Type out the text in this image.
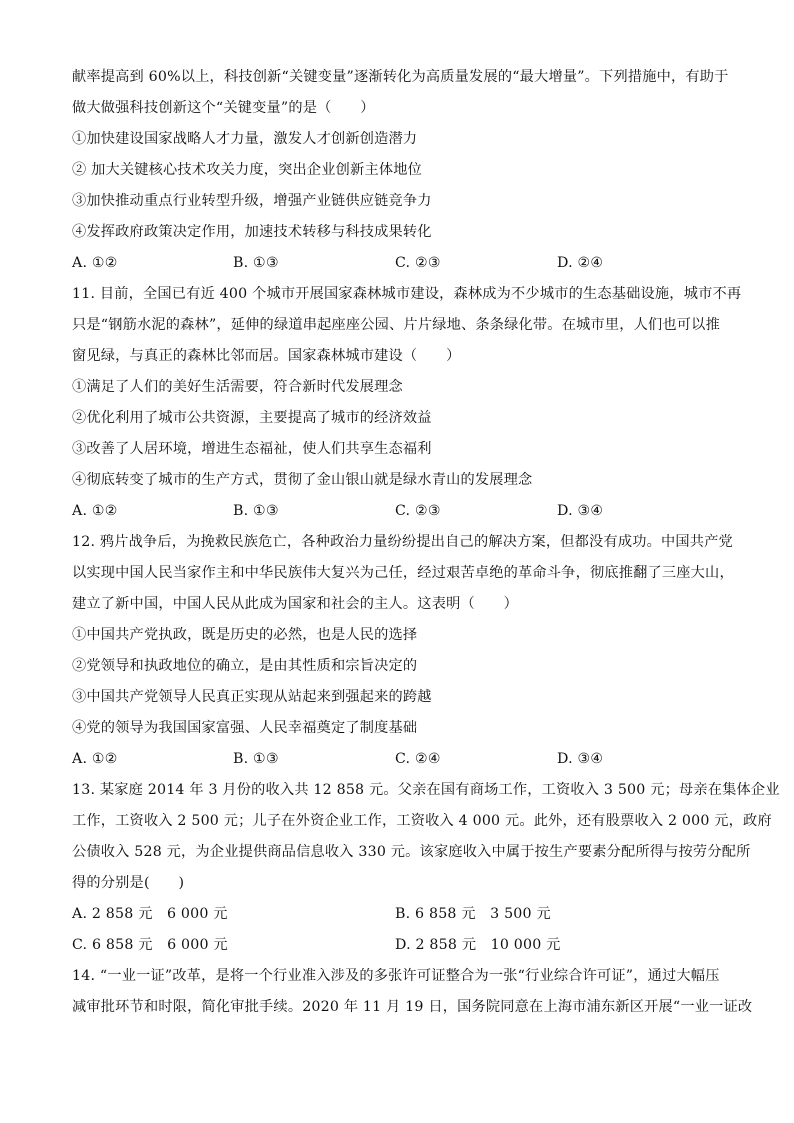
献率提高到 60%以上，科技创新“关键变量”逐渐转化为高质量发展的“最大增量”。下列措施中，有助于
做大做强科技创新这个“关键变量”的是（　　）
①加快建设国家战略人才力量，激发人才创新创造潜力
② 加大关键核心技术攻关力度，突出企业创新主体地位
③加快推动重点行业转型升级，增强产业链供应链竞争力
④发挥政府政策决定作用，加速技术转移与科技成果转化
A. ①②	B. ①③	C. ②③	D. ②④
11. 目前，全国已有近 400 个城市开展国家森林城市建设，森林成为不少城市的生态基础设施，城市不再
只是“钢筋水泥的森林”，延伸的绿道串起座座公园、片片绿地、条条绿化带。在城市里，人们也可以推
窗见绿，与真正的森林比邻而居。国家森林城市建设（　　）
①满足了人们的美好生活需要，符合新时代发展理念
②优化利用了城市公共资源，主要提高了城市的经济效益
③改善了人居环境，增进生态福祉，使人们共享生态福利
④彻底转变了城市的生产方式，贯彻了金山银山就是绿水青山的发展理念
A. ①②	B. ①③	C. ②③	D. ③④
12. 鸦片战争后，为挽救民族危亡，各种政治力量纷纷提出自己的解决方案，但都没有成功。中国共产党
以实现中国人民当家作主和中华民族伟大复兴为己任，经过艰苦卓绝的革命斗争，彻底推翻了三座大山，
建立了新中国，中国人民从此成为国家和社会的主人。这表明（　　）
①中国共产党执政，既是历史的必然，也是人民的选择
②党领导和执政地位的确立，是由其性质和宗旨决定的
③中国共产党领导人民真正实现从站起来到强起来的跨越
④党的领导为我国国家富强、人民幸福奠定了制度基础
A. ①②	B. ①③	C. ②④	D. ③④
13. 某家庭 2014 年 3 月份的收入共 12 858 元。父亲在国有商场工作，工资收入 3 500 元；母亲在集体企业
工作，工资收入 2 500 元；儿子在外资企业工作，工资收入 4 000 元。此外，还有股票收入 2 000 元，政府
公债收入 528 元，为企业提供商品信息收入 330 元。该家庭收入中属于按生产要素分配所得与按劳分配所
得的分别是(　　)
A. 2 858 元　6 000 元	B. 6 858 元　3 500 元
C. 6 858 元　6 000 元	D. 2 858 元　10 000 元
14. “一业一证”改革，是将一个行业准入涉及的多张许可证整合为一张“行业综合许可证”，通过大幅压
减审批环节和时限，简化审批手续。2020 年 11 月 19 日，国务院同意在上海市浦东新区开展“一业一证改
